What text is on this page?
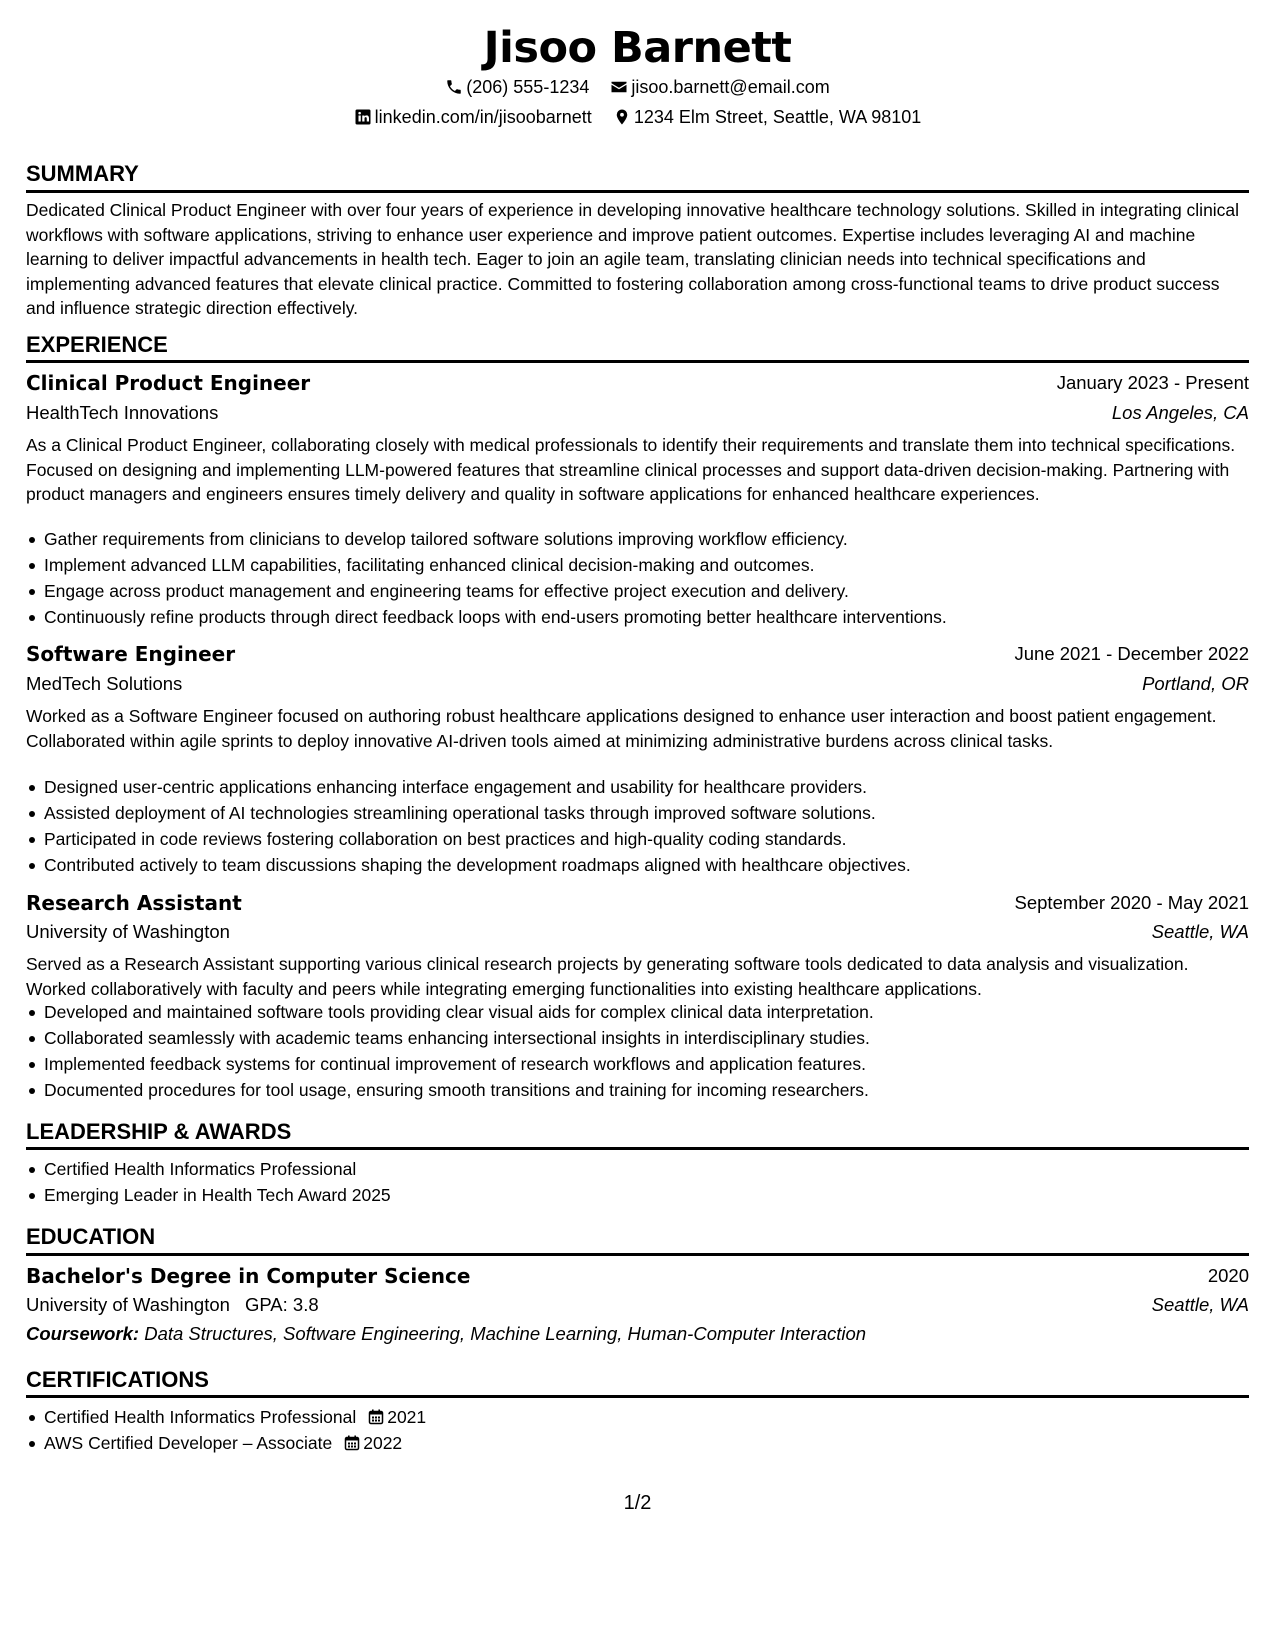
Jisoo Barnett
(206) 555-1234
jisoo.barnett@email.com
linkedin.com/in/jisoobarnett
1234 Elm Street, Seattle, WA 98101
SUMMARY
Dedicated Clinical Product Engineer with over four years of experience in developing innovative healthcare technology solutions. Skilled in integrating clinical workflows with software applications, striving to enhance user experience and improve patient outcomes. Expertise includes leveraging AI and machine learning to deliver impactful advancements in health tech. Eager to join an agile team, translating clinician needs into technical specifications and implementing advanced features that elevate clinical practice. Committed to fostering collaboration among cross-functional teams to drive product success and influence strategic direction effectively.
EXPERIENCE
Clinical Product Engineer	January 2023 - Present
HealthTech Innovations	Los Angeles, CA
As a Clinical Product Engineer, collaborating closely with medical professionals to identify their requirements and translate them into technical specifications. Focused on designing and implementing LLM-powered features that streamline clinical processes and support data-driven decision-making. Partnering with product managers and engineers ensures timely delivery and quality in software applications for enhanced healthcare experiences.
Gather requirements from clinicians to develop tailored software solutions improving workflow efficiency.
Implement advanced LLM capabilities, facilitating enhanced clinical decision-making and outcomes.
Engage across product management and engineering teams for effective project execution and delivery.
Continuously refine products through direct feedback loops with end-users promoting better healthcare interventions.
Software Engineer	June 2021 - December 2022
MedTech Solutions	Portland, OR
Worked as a Software Engineer focused on authoring robust healthcare applications designed to enhance user interaction and boost patient engagement. Collaborated within agile sprints to deploy innovative AI-driven tools aimed at minimizing administrative burdens across clinical tasks.
Designed user-centric applications enhancing interface engagement and usability for healthcare providers.
Assisted deployment of AI technologies streamlining operational tasks through improved software solutions.
Participated in code reviews fostering collaboration on best practices and high-quality coding standards.
Contributed actively to team discussions shaping the development roadmaps aligned with healthcare objectives.
Research Assistant	September 2020 - May 2021
University of Washington	Seattle, WA
Served as a Research Assistant supporting various clinical research projects by generating software tools dedicated to data analysis and visualization. Worked collaboratively with faculty and peers while integrating emerging functionalities into existing healthcare applications.
Developed and maintained software tools providing clear visual aids for complex clinical data interpretation.
Collaborated seamlessly with academic teams enhancing intersectional insights in interdisciplinary studies.
Implemented feedback systems for continual improvement of research workflows and application features.
Documented procedures for tool usage, ensuring smooth transitions and training for incoming researchers.
LEADERSHIP & AWARDS
Certified Health Informatics Professional
Emerging Leader in Health Tech Award 2025
EDUCATION
Bachelor's Degree in Computer Science	2020
University of Washington GPA: 3.8	Seattle, WA
Coursework: Data Structures, Software Engineering, Machine Learning, Human-Computer Interaction
CERTIFICATIONS
Certified Health Informatics Professional 2021
AWS Certified Developer – Associate 2022
1/2
